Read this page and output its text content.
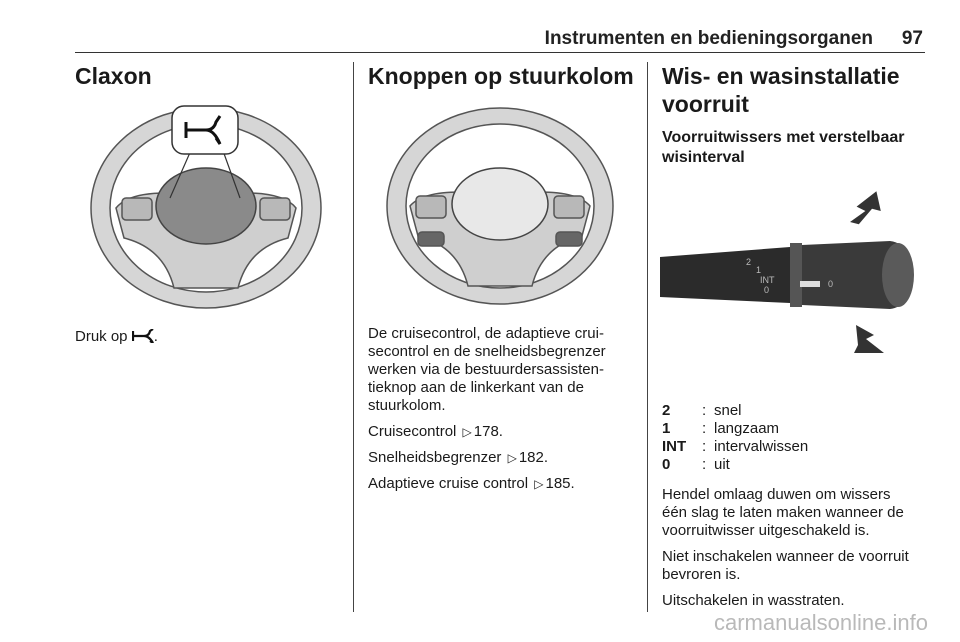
Instrumenten en bedieningsorganen 97
Claxon

Druk op .

Knoppen op stuurkolom

De cruisecontrol, de adaptieve crui-
secontrol en de snelheidsbegrenzer
werken via de bestuurdersassisten-
tieknop aan de linkerkant van de
stuurkolom.

Cruisecontrol ▷ 178.

Snelheidsbegrenzer ▷ 182.

Adaptieve cruise control ▷ 185.

Wis- en wasinstallatie
voorruit
Voorruitwissers met verstelbaar
wisinterval
2
1
INT
0
0
2	: snel
1	: langzaam
INT	: intervalwissen
0	: uit

Hendel omlaag duwen om wissers
één slag te laten maken wanneer de
voorruitwisser uitgeschakeld is.

Niet inschakelen wanneer de voorruit
bevroren is.

Uitschakelen in wasstraten.

carmanualsonline.info
